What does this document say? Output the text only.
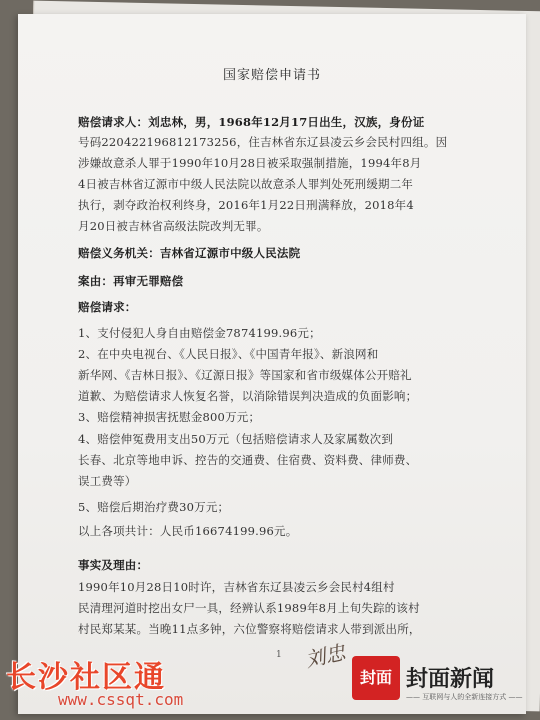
国家赔偿申请书
赔偿请求人：刘忠林，男，1968年12月17日出生，汉族，身份证
号码220422196812173256，住吉林省东辽县凌云乡会民村四组。因
涉嫌故意杀人罪于1990年10月28日被采取强制措施，1994年8月
4日被吉林省辽源市中级人民法院以故意杀人罪判处死刑缓期二年
执行，剥夺政治权利终身，2016年1月22日刑满释放，2018年4
月20日被吉林省高级法院改判无罪。
赔偿义务机关：吉林省辽源市中级人民法院
案由：再审无罪赔偿
赔偿请求：
1、支付侵犯人身自由赔偿金7874199.96元；
2、在中央电视台、《人民日报》、《中国青年报》、新浪网和
新华网、《吉林日报》、《辽源日报》等国家和省市级媒体公开赔礼
道歉、为赔偿请求人恢复名誉，以消除错误判决造成的负面影响；
3、赔偿精神损害抚慰金800万元；
4、赔偿伸冤费用支出50万元（包括赔偿请求人及家属数次到
长春、北京等地申诉、控告的交通费、住宿费、资料费、律师费、
误工费等）
5、赔偿后期治疗费30万元；
以上各项共计：人民币16674199.96元。
事实及理由：
1990年10月28日10时许，吉林省东辽县凌云乡会民村4组村
民清理河道时挖出女尸一具，经辨认系1989年8月上旬失踪的该村
村民郑某某。当晚11点多钟，六位警察将赔偿请求人带到派出所，
1 刘忠
长沙社区通
www.cssqt.com
封面 封面新闻
—— 互联网与人的全新连接方式 ——
